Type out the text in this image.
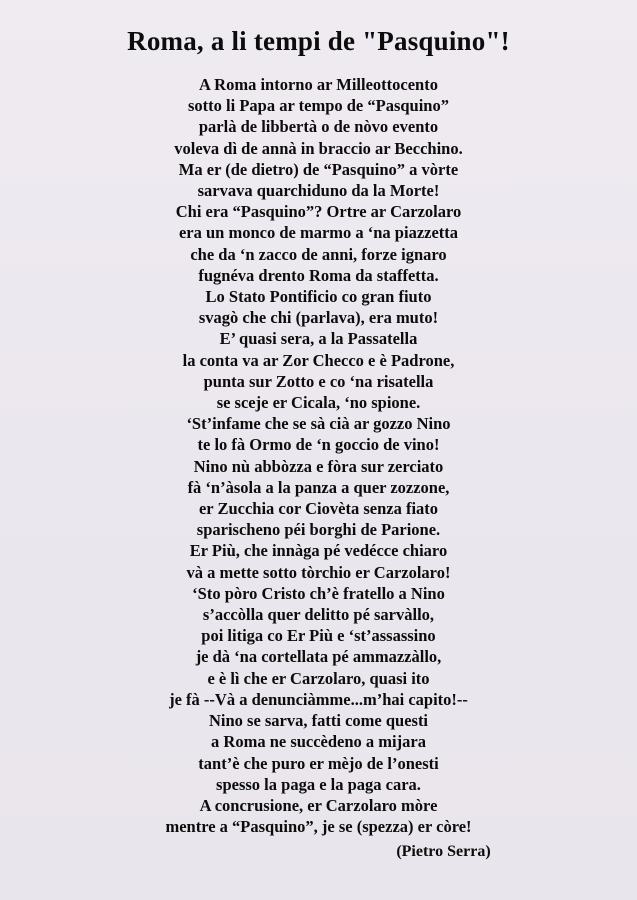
Roma, a li tempi de "Pasquino"!
A Roma intorno ar Milleottocento
sotto li Papa ar tempo de “Pasquino”
parlà de libbertà o de nòvo evento
voleva dì de annà in braccio ar Becchino.
Ma er (de dietro) de “Pasquino” a vòrte
sarvava quarchiduno da la Morte!
Chi era “Pasquino”? Ortre ar Carzolaro
era un monco de marmo a ‘na piazzetta
che da ‘n zacco de anni, forze ignaro
fugnéva drento Roma da staffetta.
Lo Stato Pontificio co gran fiuto
svagò che chi (parlava), era muto!
E’ quasi sera, a la Passatella
la conta va ar Zor Checco e è Padrone,
punta sur Zotto e co ‘na risatella
se sceje er Cicala, ‘no spione.
‘St’infame che se sà cià ar gozzo Nino
te lo fà Ormo de ‘n goccio de vino!
Nino nù abbòzza e fòra sur zerciato
fà ‘n’àsola a la panza a quer zozzone,
er Zucchia cor Ciovèta senza fiato
sparischeno péi borghi de Parione.
Er Più, che innàga pé vedécce chiaro
và a mette sotto tòrchio er Carzolaro!
‘Sto pòro Cristo ch’è fratello a Nino
s’accòlla quer delitto pé sarvàllo,
poi litiga co Er Più e ‘st’assassino
je dà ‘na cortellata pé ammazzàllo,
e è lì che er Carzolaro, quasi ito
je fà --Và a denunciàmme...m’hai capito!--
Nino se sarva, fatti come questi
a Roma ne succèdeno a mijara
tant’è che puro er mèjo de l’onesti
spesso la paga e la paga cara.
A concrusione, er Carzolaro mòre
mentre a “Pasquino”, je se (spezza) er còre!
(Pietro Serra)
